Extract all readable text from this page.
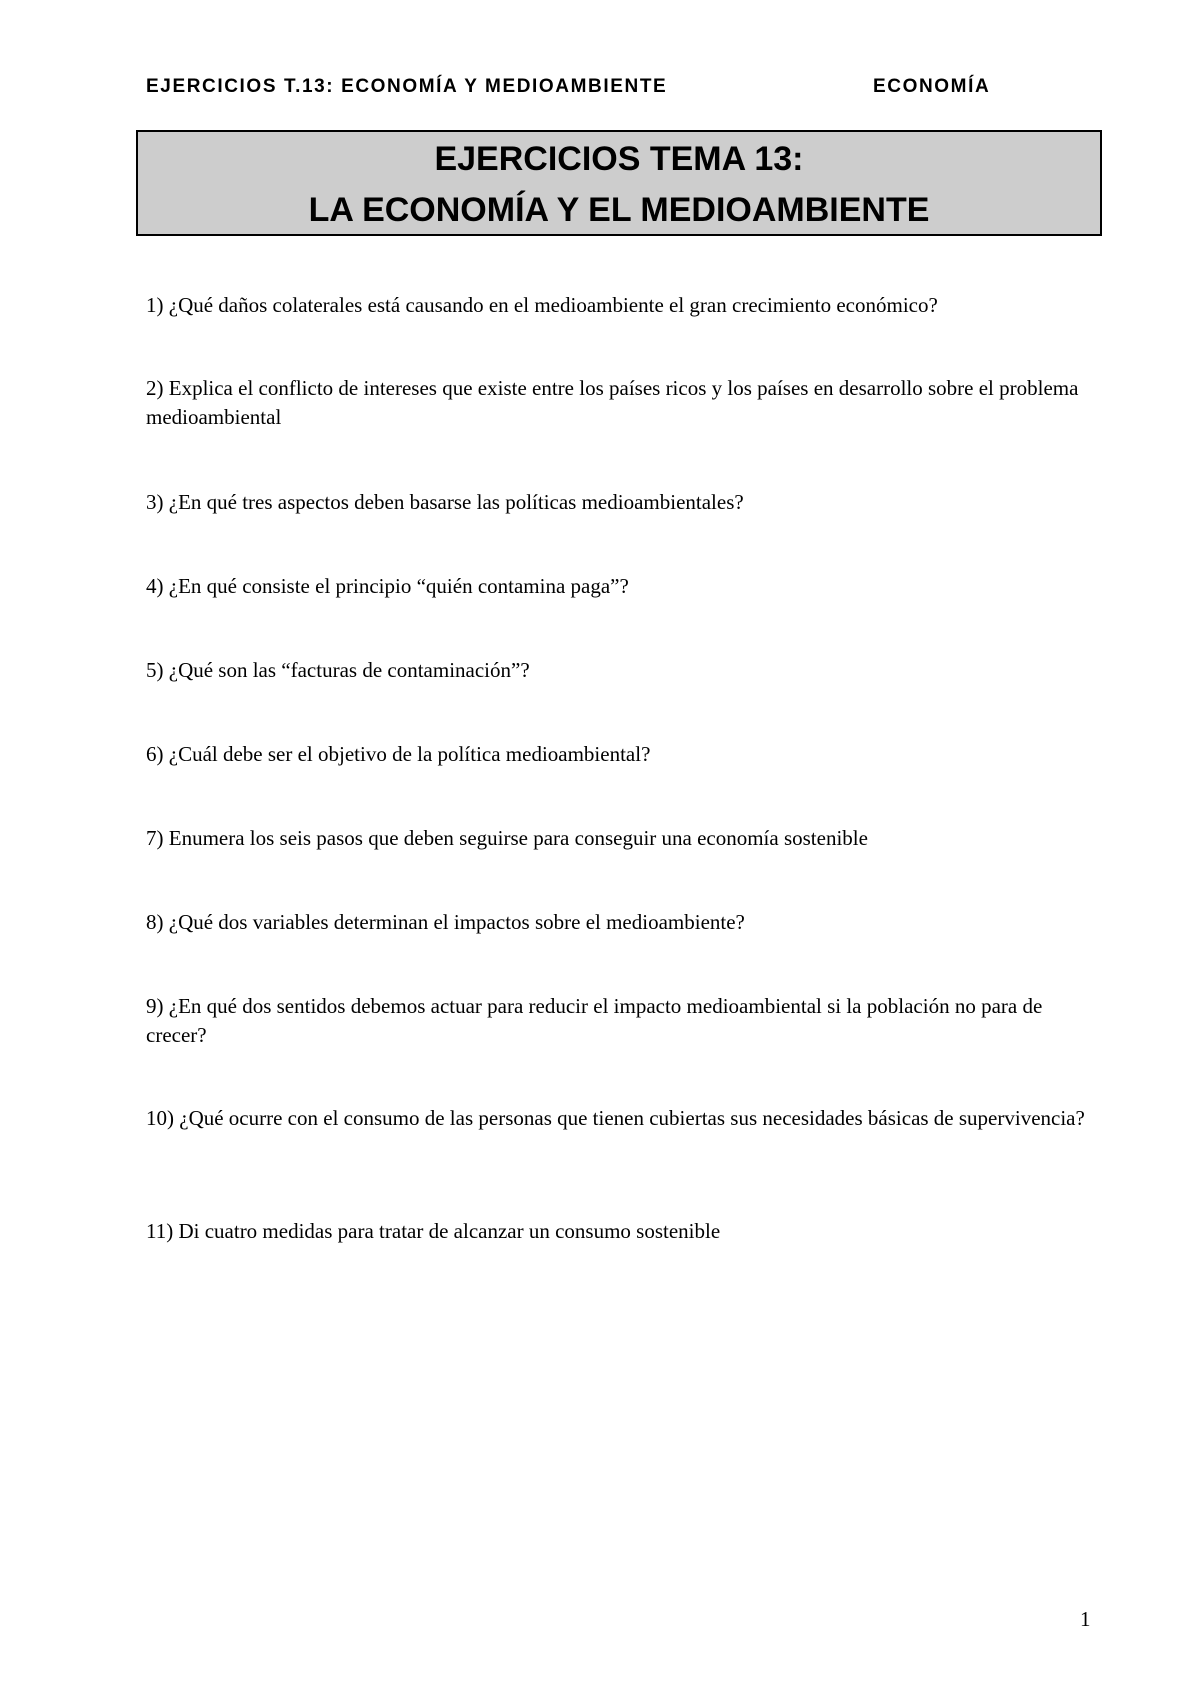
EJERCICIOS T.13: ECONOMÍA Y MEDIOAMBIENTE	ECONOMÍA
EJERCICIOS TEMA 13:
LA ECONOMÍA Y EL MEDIOAMBIENTE
1) ¿Qué daños colaterales está causando en el medioambiente el gran crecimiento económico?
2) Explica el conflicto de intereses que existe entre los países ricos y los países en desarrollo sobre el problema medioambiental
3) ¿En qué tres aspectos deben basarse las políticas medioambientales?
4) ¿En qué consiste el principio “quién contamina paga”?
5) ¿Qué son las “facturas de contaminación”?
6) ¿Cuál debe ser el objetivo de la política medioambiental?
7) Enumera los seis pasos que deben seguirse para conseguir una economía sostenible
8) ¿Qué dos variables determinan el impactos sobre el medioambiente?
9) ¿En qué dos sentidos debemos actuar para reducir el impacto medioambiental si la población no para de crecer?
10) ¿Qué ocurre con el consumo de las personas que tienen cubiertas sus necesidades básicas de supervivencia?
11) Di cuatro medidas para tratar de alcanzar un consumo sostenible
1
